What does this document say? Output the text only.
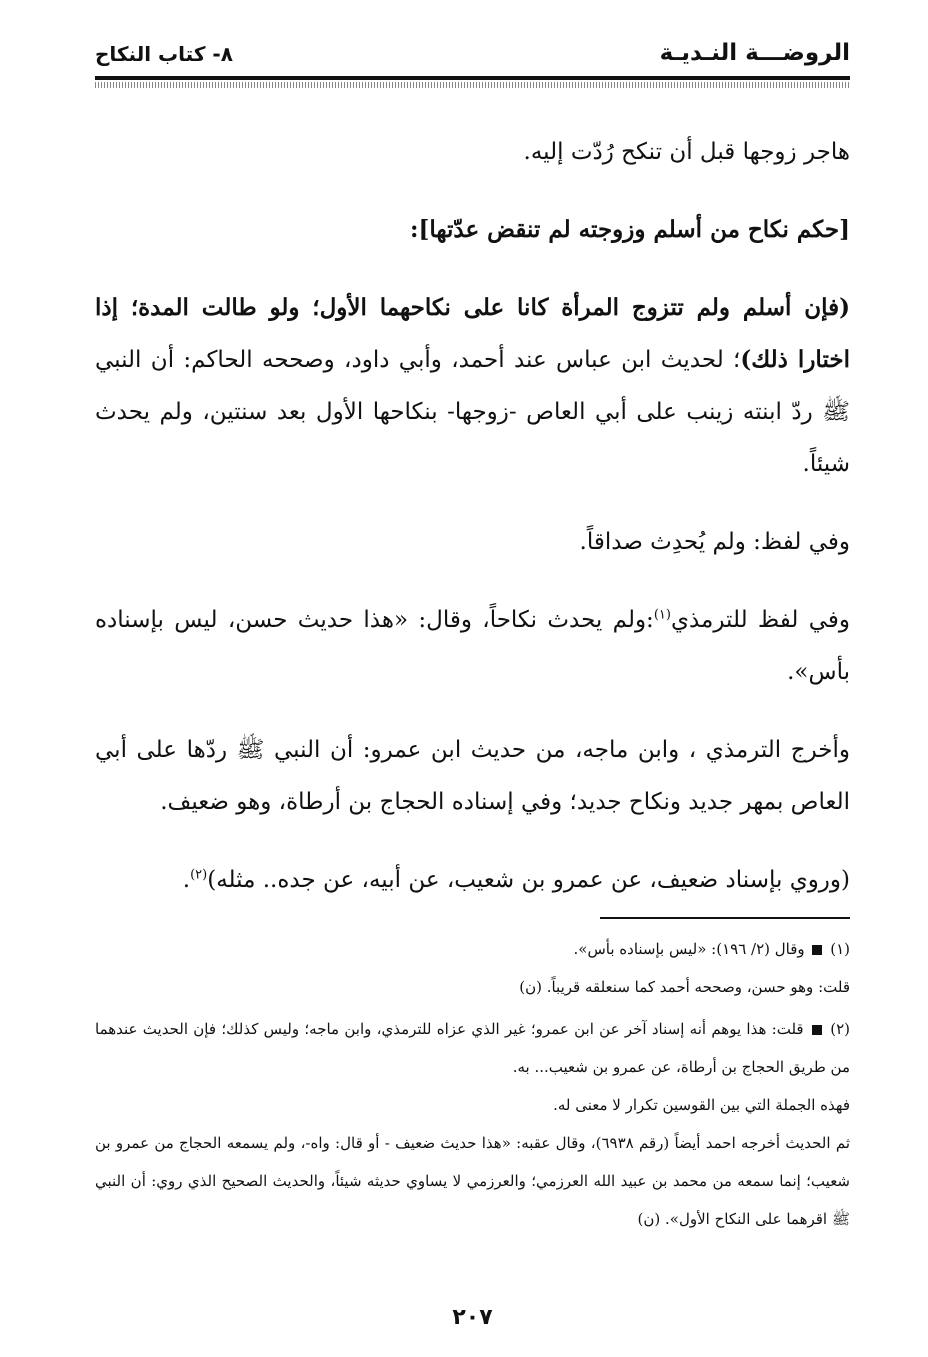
الروضـــة النـديـة
٨- كتاب النكاح

هاجر زوجها قبل أن تنكح رُدّت إليه.

[حكم نكاح من أسلم وزوجته لم تنقض عدّتها]:

(فإن أسلم ولم تتزوج المرأة كانا على نكاحهما الأول؛ ولو طالت المدة؛ إذا اختارا ذلك)؛ لحديث ابن عباس عند أحمد، وأبي داود، وصححه الحاكم: أن النبي ﷺ ردّ ابنته زينب على أبي العاص -زوجها- بنكاحها الأول بعد سنتين، ولم يحدث شيئاً.

وفي لفظ: ولم يُحدِث صداقاً.

وفي لفظ للترمذي$^{(١)}$:ولم يحدث نكاحاً، وقال: «هذا حديث حسن، ليس بإسناده بأس».

وأخرج الترمذي ، وابن ماجه، من حديث ابن عمرو: أن النبي ﷺ ردّها على أبي العاص بمهر جديد ونكاح جديد؛ وفي إسناده الحجاج بن أرطاة، وهو ضعيف.

(وروي بإسناد ضعيف، عن عمرو بن شعيب، عن أبيه، عن جده.. مثله)$^{(٢)}$.

(١)  وقال (٢/ ١٩٦): «ليس بإسناده بأس».

قلت: وهو حسن، وصححه أحمد كما سنعلقه قريباً. (ن)

(٢)  قلت: هذا يوهم أنه إسناد آخر عن ابن عمرو؛ غير الذي عزاه للترمذي، وابن ماجه؛ وليس كذلك؛ فإن الحديث عندهما من طريق الحجاج بن أرطاة، عن عمرو بن شعيب... به.

فهذه الجملة التي بين القوسين تكرار لا معنى له.

ثم الحديث أخرجه احمد أيضاً (رقم ٦٩٣٨)، وقال عقبه: «هذا حديث ضعيف - أو قال: واه-، ولم يسمعه الحجاج من عمرو بن شعيب؛ إنما سمعه من محمد بن عبيد الله العرزمي؛ والعرزمي لا يساوي حديثه شيئاً، والحديث الصحيح الذي روي: أن النبي ﷺ اقرهما على النكاح الأول». (ن)

٢٠٧
